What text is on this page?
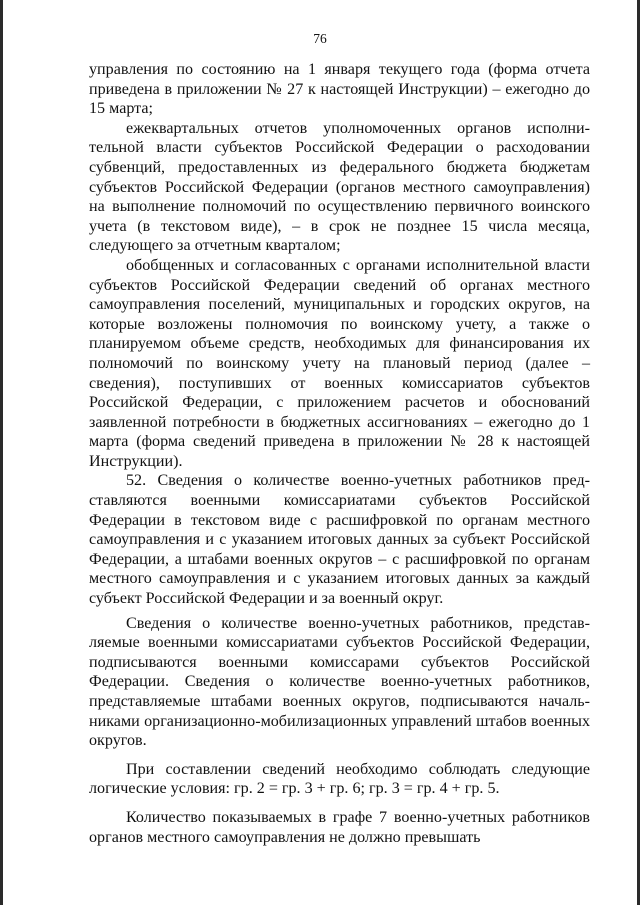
76

управления по состоянию на 1 января текущего года (форма отчета приведена в приложении № 27 к настоящей Инструкции) – ежегодно до 15 марта;

ежеквартальных отчетов уполномоченных органов исполнительной власти субъектов Российской Федерации о расходовании субвенций, предоставленных из федерального бюджета бюджетам субъектов Российской Федерации (органов местного самоуправления) на выполнение полномочий по осуществлению первичного воинского учета (в текстовом виде), – в срок не позднее 15 числа месяца, следующего за отчетным кварталом;

обобщенных и согласованных с органами исполнительной власти субъектов Российской Федерации сведений об органах местного самоуправления поселений, муниципальных и городских округов, на которые возложены полномочия по воинскому учету, а также о планируемом объеме средств, необходимых для финансирования их полномочий по воинскому учету на плановый период (далее – сведения), поступивших от военных комиссариатов субъектов Российской Федерации, с приложением расчетов и обоснований заявленной потребности в бюджетных ассигнованиях – ежегодно до 1 марта (форма сведений приведена в приложении № 28 к настоящей Инструкции).

52. Сведения о количестве военно-учетных работников представляются военными комиссариатами субъектов Российской Федерации в текстовом виде с расшифровкой по органам местного самоуправления и с указанием итоговых данных за субъект Российской Федерации, а штабами военных округов – с расшифровкой по органам местного самоуправления и с указанием итоговых данных за каждый субъект Российской Федерации и за военный округ.

Сведения о количестве военно-учетных работников, представляемые военными комиссариатами субъектов Российской Федерации, подписываются военными комиссарами субъектов Российской Федерации. Сведения о количестве военно-учетных работников, представляемые штабами военных округов, подписываются начальниками организационно-мобилизационных управлений штабов военных округов.

При составлении сведений необходимо соблюдать следующие логические условия: гр. 2 = гр. 3 + гр. 6; гр. 3 = гр. 4 + гр. 5.

Количество показываемых в графе 7 военно-учетных работников органов местного самоуправления не должно превышать
